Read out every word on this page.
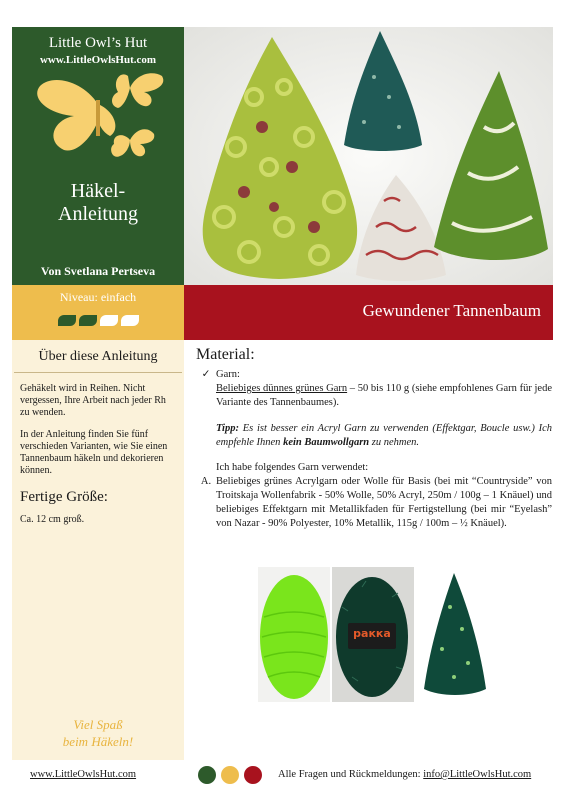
Little Owl’s Hut
www.LittleOwlsHut.com
Häkel-
Anleitung
Von Svetlana Pertseva
Niveau: einfach
Gewundener Tannenbaum
Über diese Anleitung

Gehäkelt wird in Reihen. Nicht vergessen, Ihre Arbeit nach jeder Rh zu wenden.

In der Anleitung finden Sie fünf verschieden Varianten, wie Sie einen Tannenbaum häkeln und dekorieren können.

Fertige Größe:

Ca. 12 cm groß.

Viel Spaß
beim Häkeln!
Material:
✓ Garn:
Beliebiges dünnes grünes Garn – 50 bis 110 g (siehe empfohlenes Garn für jede Variante des Tannenbaumes).
Tipp: Es ist besser ein Acryl Garn zu verwenden (Effektgar, Boucle usw.) Ich empfehle Ihnen kein Baumwollgarn zu nehmen.
Ich habe folgendes Garn verwendet:
A. Beliebiges grünes Acrylgarn oder Wolle für Basis (bei mit “Countryside” von Troitskaja Wollenfabrik - 50% Wolle, 50% Acryl, 250m / 100g – 1 Knäuel) und beliebiges Effektgarn mit Metallikfaden für Fertigstellung (bei mir “Eyelash” von Nazar - 90% Polyester, 10% Metallik, 115g / 100m – ½ Knäuel).
ракка
www.LittleOwlsHut.com	Alle Fragen und Rückmeldungen: info@LittleOwlsHut.com
